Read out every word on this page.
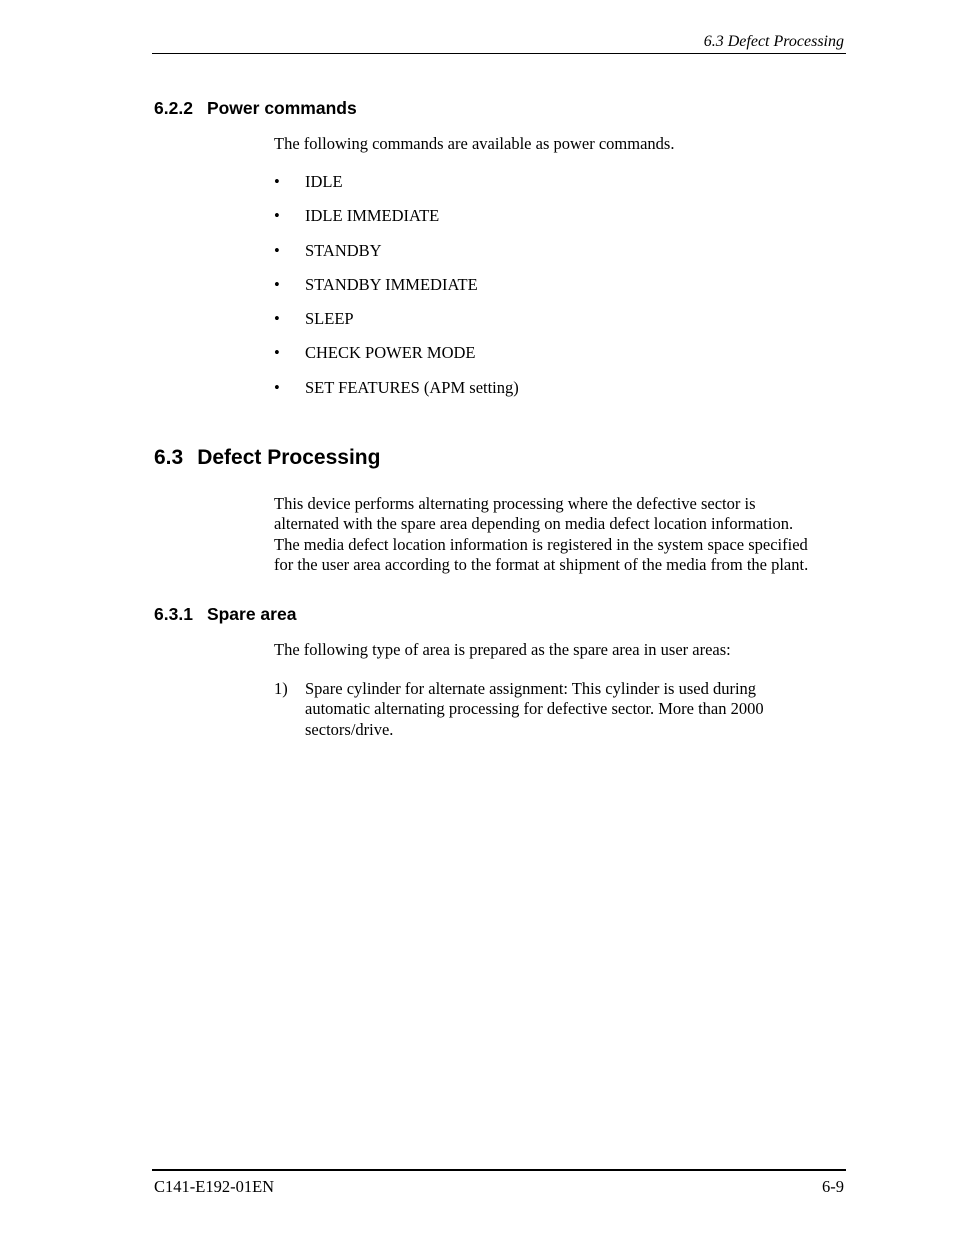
6.3 Defect Processing
6.2.2 Power commands
The following commands are available as power commands.
•	IDLE
•	IDLE IMMEDIATE
•	STANDBY
•	STANDBY IMMEDIATE
•	SLEEP
•	CHECK POWER MODE
•	SET FEATURES (APM setting)
6.3 Defect Processing
This device performs alternating processing where the defective sector is
alternated with the spare area depending on media defect location information.
The media defect location information is registered in the system space specified
for the user area according to the format at shipment of the media from the plant.
6.3.1 Spare area
The following type of area is prepared as the spare area in user areas:
1) Spare cylinder for alternate assignment: This cylinder is used during
automatic alternating processing for defective sector. More than 2000
sectors/drive.
C141-E192-01EN	6-9
